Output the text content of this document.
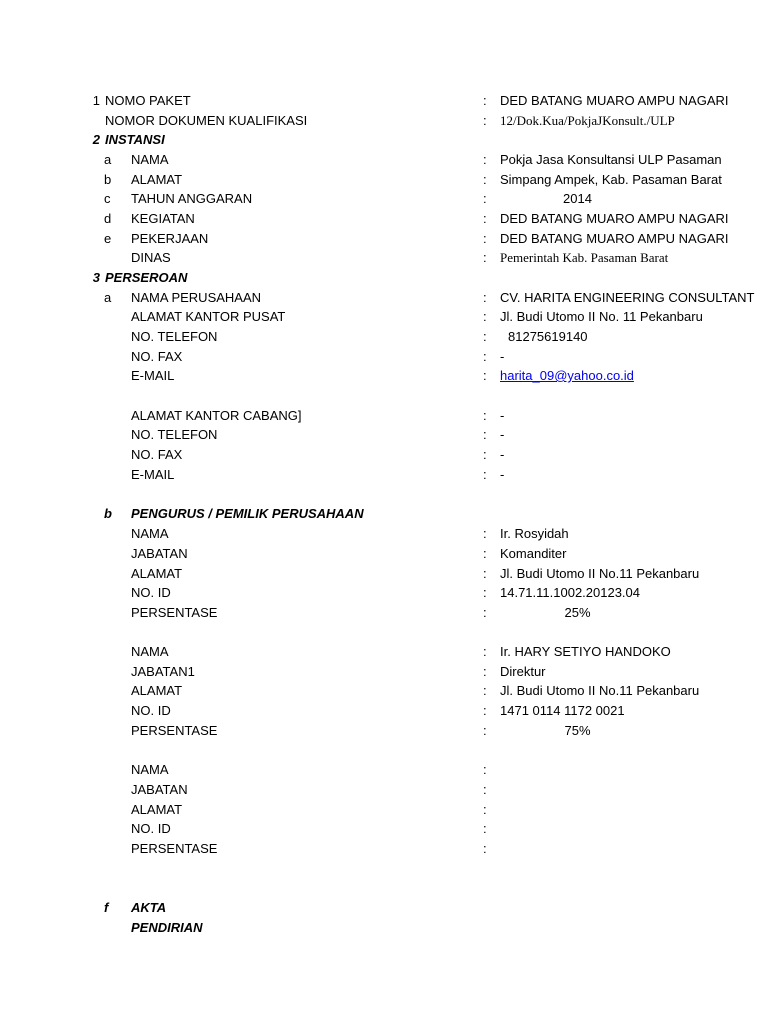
1 NOMO PAKET	: DED BATANG MUARO AMPU NAGARI
NOMOR DOKUMEN KUALIFIKASI	: 12/Dok.Kua/PokjaJKonsult./ULP
2 INSTANSI
a NAMA	: Pokja Jasa Konsultansi ULP Pasaman
b ALAMAT	: Simpang Ampek, Kab. Pasaman Barat
c TAHUN ANGGARAN	:	2014
d KEGIATAN	: DED BATANG MUARO AMPU NAGARI
e PEKERJAAN	: DED BATANG MUARO AMPU NAGARI
DINAS	: Pemerintah Kab. Pasaman Barat
3 PERSEROAN
a NAMA PERUSAHAAN	: CV. HARITA ENGINEERING CONSULTANT
ALAMAT KANTOR PUSAT	: Jl. Budi Utomo II No. 11 Pekanbaru
NO. TELEFON	: 81275619140
NO. FAX	: -
E-MAIL	: harita_09@yahoo.co.id
ALAMAT KANTOR CABANG]	: -
NO. TELEFON	: -
NO. FAX	: -
E-MAIL	: -
b PENGURUS / PEMILIK PERUSAHAAN
NAMA	: Ir. Rosyidah
JABATAN	: Komanditer
ALAMAT	: Jl. Budi Utomo II No.11 Pekanbaru
NO. ID	: 14.71.11.1002.20123.04
PERSENTASE	:	25%
NAMA	: Ir. HARY SETIYO HANDOKO
JABATAN1	: Direktur
ALAMAT	: Jl. Budi Utomo II No.11 Pekanbaru
NO. ID	: 1471 0114 1172 0021
PERSENTASE	:	75%
NAMA	:
JABATAN	:
ALAMAT	:
NO. ID	:
PERSENTASE	:
f AKTA
PENDIRIAN
